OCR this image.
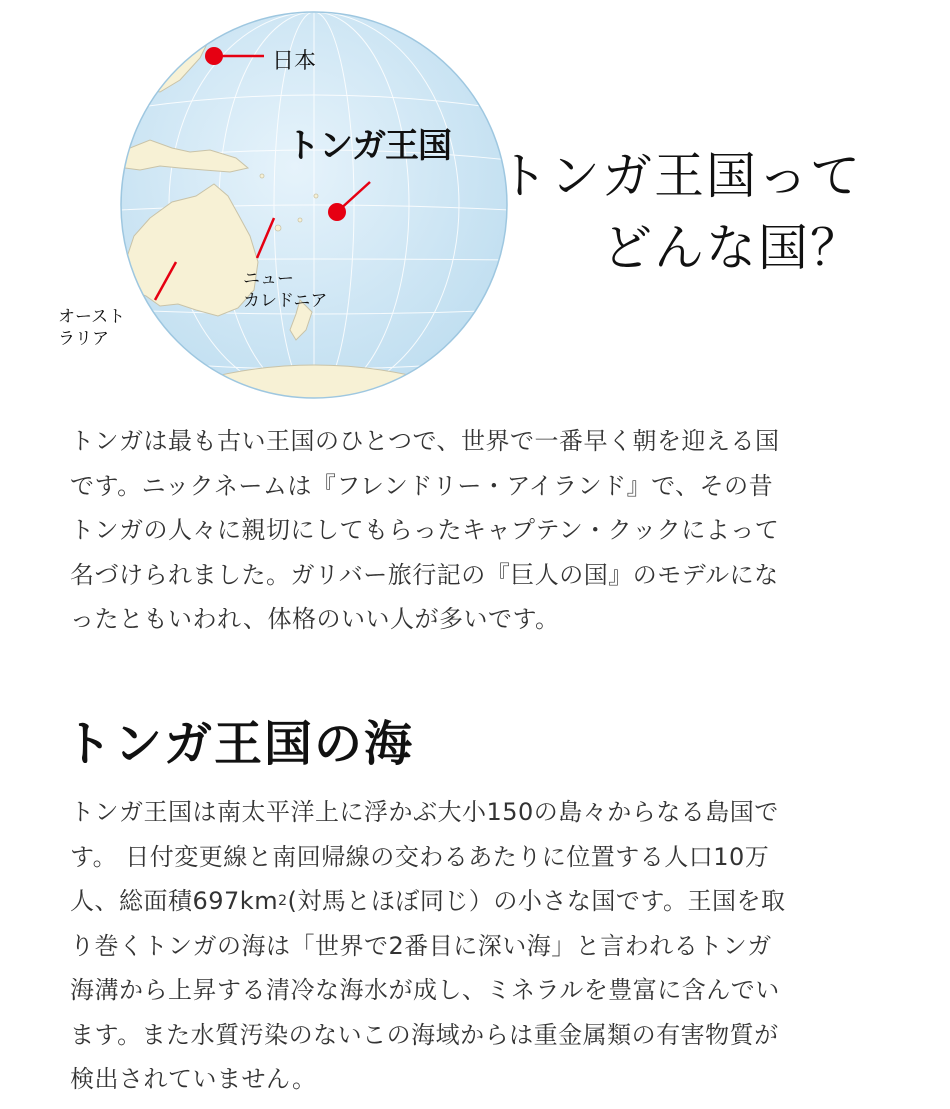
日本
トンガ王国
ニュー
カレドニア
オースト
ラリア
トンガ王国って
どんな国？
トンガは最も古い王国のひとつで、世界で一番早く朝を迎える国
です。ニックネームは『フレンドリー・アイランド』で、その昔
トンガの人々に親切にしてもらったキャプテン・クックによって
名づけられました。ガリバー旅行記の『巨人の国』のモデルにな
ったともいわれ、体格のいい人が多いです。
トンガ王国の海
トンガ王国は南太平洋上に浮かぶ大小150の島々からなる島国で
す。 日付変更線と南回帰線の交わるあたりに位置する人口10万
人、総面積$697km^2$(対馬とほぼ同じ）の小さな国です。王国を取
り巻くトンガの海は「世界で2番目に深い海」と言われるトンガ
海溝から上昇する清冷な海水が成し、ミネラルを豊富に含んでい
ます。また水質汚染のないこの海域からは重金属類の有害物質が
検出されていません。
